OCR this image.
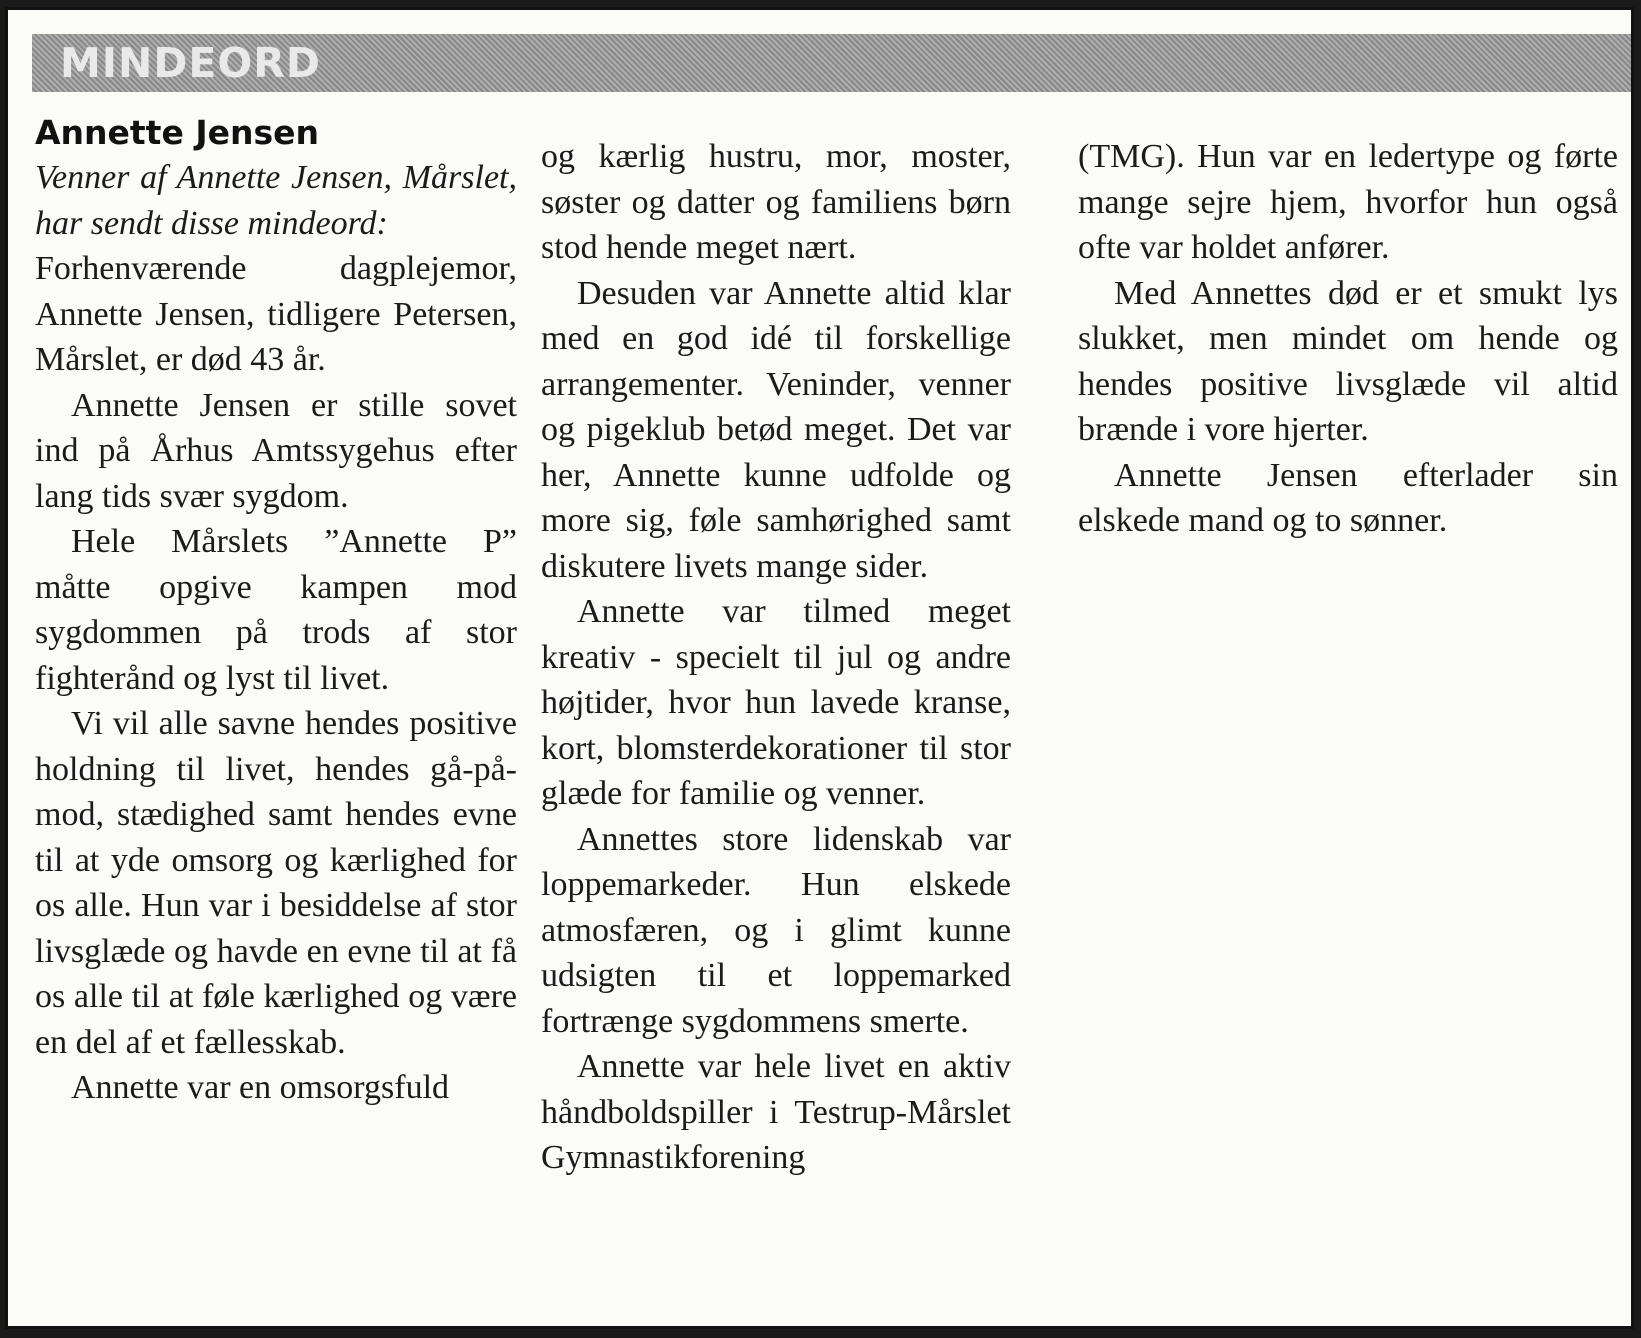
MINDEORD
Annette Jensen

Venner af Annette Jensen, Mårslet, har sendt disse mindeord:

Forhenværende dagplejemor, Annette Jensen, tidligere Petersen, Mårslet, er død 43 år.

Annette Jensen er stille sovet ind på Århus Amtssygehus efter lang tids svær sygdom.

Hele Mårslets ”Annette P” måtte opgive kampen mod sygdommen på trods af stor fighterånd og lyst til livet.

Vi vil alle savne hendes positive holdning til livet, hendes gå-på-mod, stædighed samt hendes evne til at yde omsorg og kærlighed for os alle. Hun var i besiddelse af stor livsglæde og havde en evne til at få os alle til at føle kærlighed og være en del af et fællesskab.

Annette var en omsorgsfuld

og kærlig hustru, mor, moster, søster og datter og familiens børn stod hende meget nært.

Desuden var Annette altid klar med en god idé til forskellige arrangementer. Veninder, venner og pigeklub betød meget. Det var her, Annette kunne udfolde og more sig, føle samhørighed samt diskutere livets mange sider.

Annette var tilmed meget kreativ - specielt til jul og andre højtider, hvor hun lavede kranse, kort, blomsterdekorationer til stor glæde for familie og venner.

Annettes store lidenskab var loppemarkeder. Hun elskede atmosfæren, og i glimt kunne udsigten til et loppemarked fortrænge sygdommens smerte.

Annette var hele livet en aktiv håndboldspiller i Testrup-Mårslet Gymnastikforening

(TMG). Hun var en ledertype og førte mange sejre hjem, hvorfor hun også ofte var holdet anfører.

Med Annettes død er et smukt lys slukket, men mindet om hende og hendes positive livsglæde vil altid brænde i vore hjerter.

Annette Jensen efterlader sin elskede mand og to sønner.
